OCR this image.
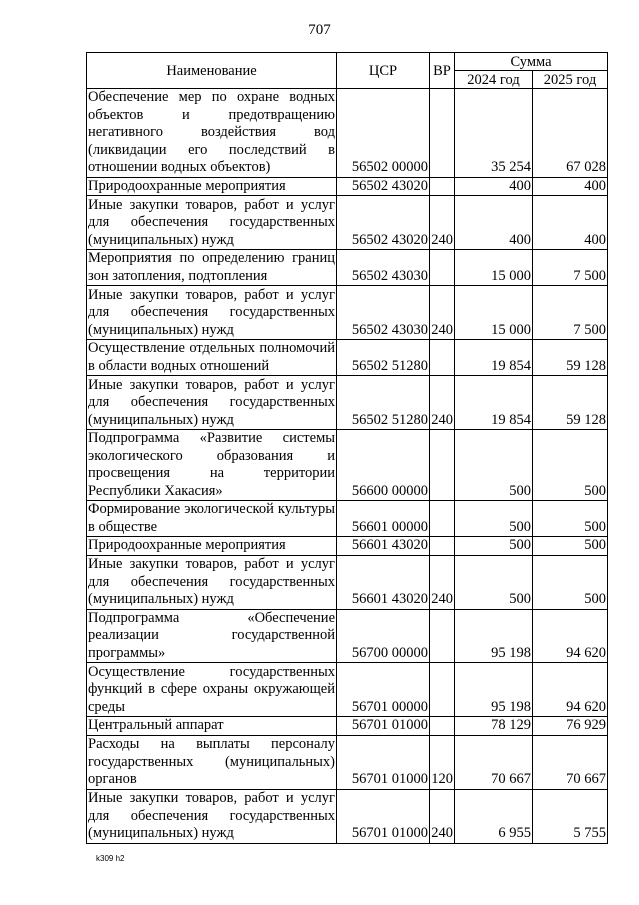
707
Наименование	ЦСР	ВР	Сумма	
			2024 год	2025 год
Обеспечение мер по охране водных объектов и предотвращению негативного воздействия вод (ликвидации его последствий в отношении водных объектов)	56502 00000		35 254	67 028
Природоохранные мероприятия	56502 43020		400	400
Иные закупки товаров, работ и услуг для обеспечения государственных (муниципальных) нужд	56502 43020	240	400	400
Мероприятия по определению границ зон затопления, подтопления	56502 43030		15 000	7 500
Иные закупки товаров, работ и услуг для обеспечения государственных (муниципальных) нужд	56502 43030	240	15 000	7 500
Осуществление отдельных полномочий в области водных отношений	56502 51280		19 854	59 128
Иные закупки товаров, работ и услуг для обеспечения государственных (муниципальных) нужд	56502 51280	240	19 854	59 128
Подпрограмма «Развитие системы экологического образования и просвещения на территории Республики Хакасия»	56600 00000		500	500
Формирование экологической культуры в обществе	56601 00000		500	500
Природоохранные мероприятия	56601 43020		500	500
Иные закупки товаров, работ и услуг для обеспечения государственных (муниципальных) нужд	56601 43020	240	500	500
Подпрограмма «Обеспечение реализации государственной программы»	56700 00000		95 198	94 620
Осуществление государственных функций в сфере охраны окружающей среды	56701 00000		95 198	94 620
Центральный аппарат	56701 01000		78 129	76 929
Расходы на выплаты персоналу государственных (муниципальных) органов	56701 01000	120	70 667	70 667
Иные закупки товаров, работ и услуг для обеспечения государственных (муниципальных) нужд	56701 01000	240	6 955	5 755
k309 h2
